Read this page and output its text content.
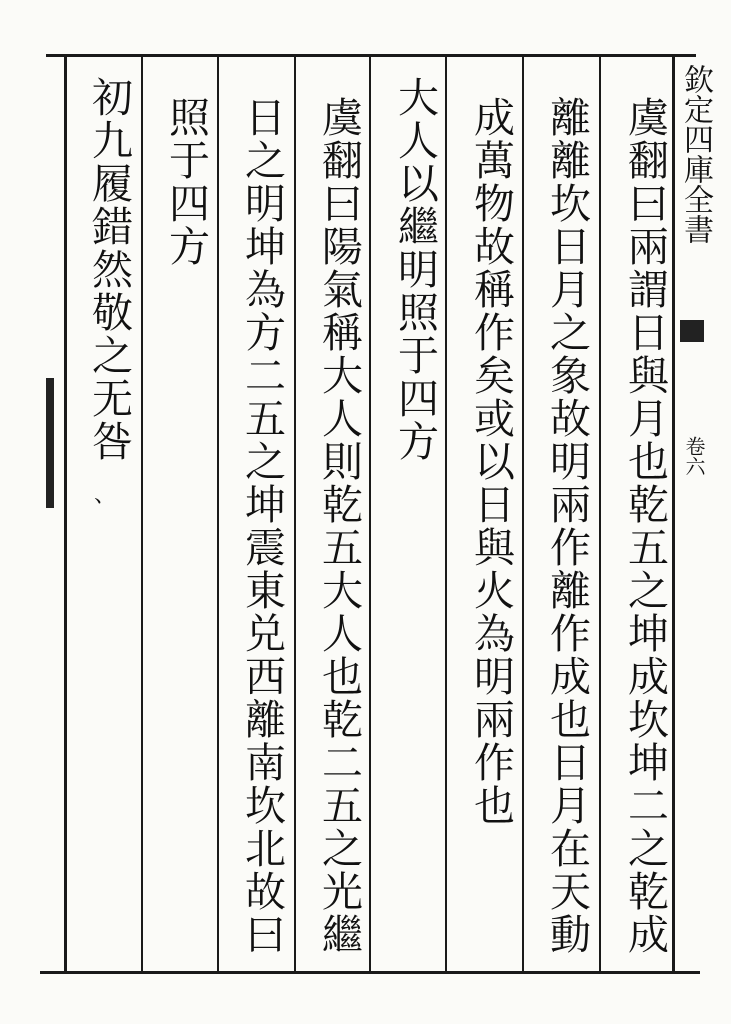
欽定四庫全書
卷六
虞翻曰兩謂日與月也乾五之坤成坎坤二之乾成
離離坎日月之象故明兩作離作成也日月在天動
成萬物故稱作矣或以日與火為明兩作也
大人以繼明照于四方
虞翻曰陽氣稱大人則乾五大人也乾二五之光繼
日之明坤為方二五之坤震東兑西離南坎北故曰
照于四方
初九履錯然敬之无咎
、
